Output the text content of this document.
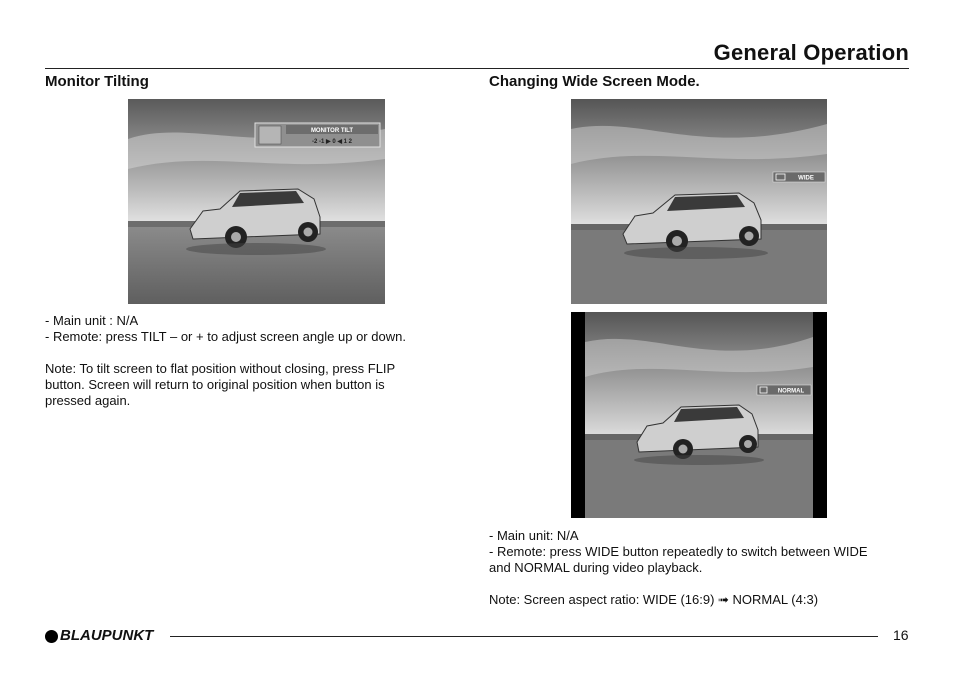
General Operation
Monitor Tilting
MONITOR TILT
-2 -1 ▶ 0 ◀ 1 2
- Main unit : N/A
- Remote: press TILT – or + to adjust screen angle up or down.
Note: To tilt screen to flat position without closing, press FLIP
button. Screen will return to original position when button is
pressed again.
Changing Wide Screen Mode.
WIDE
NORMAL
- Main unit: N/A
- Remote: press WIDE button repeatedly to switch between WIDE
and NORMAL during video playback.
Note: Screen aspect ratio: WIDE (16:9) ➟ NORMAL (4:3)
BLAUPUNKT	16
